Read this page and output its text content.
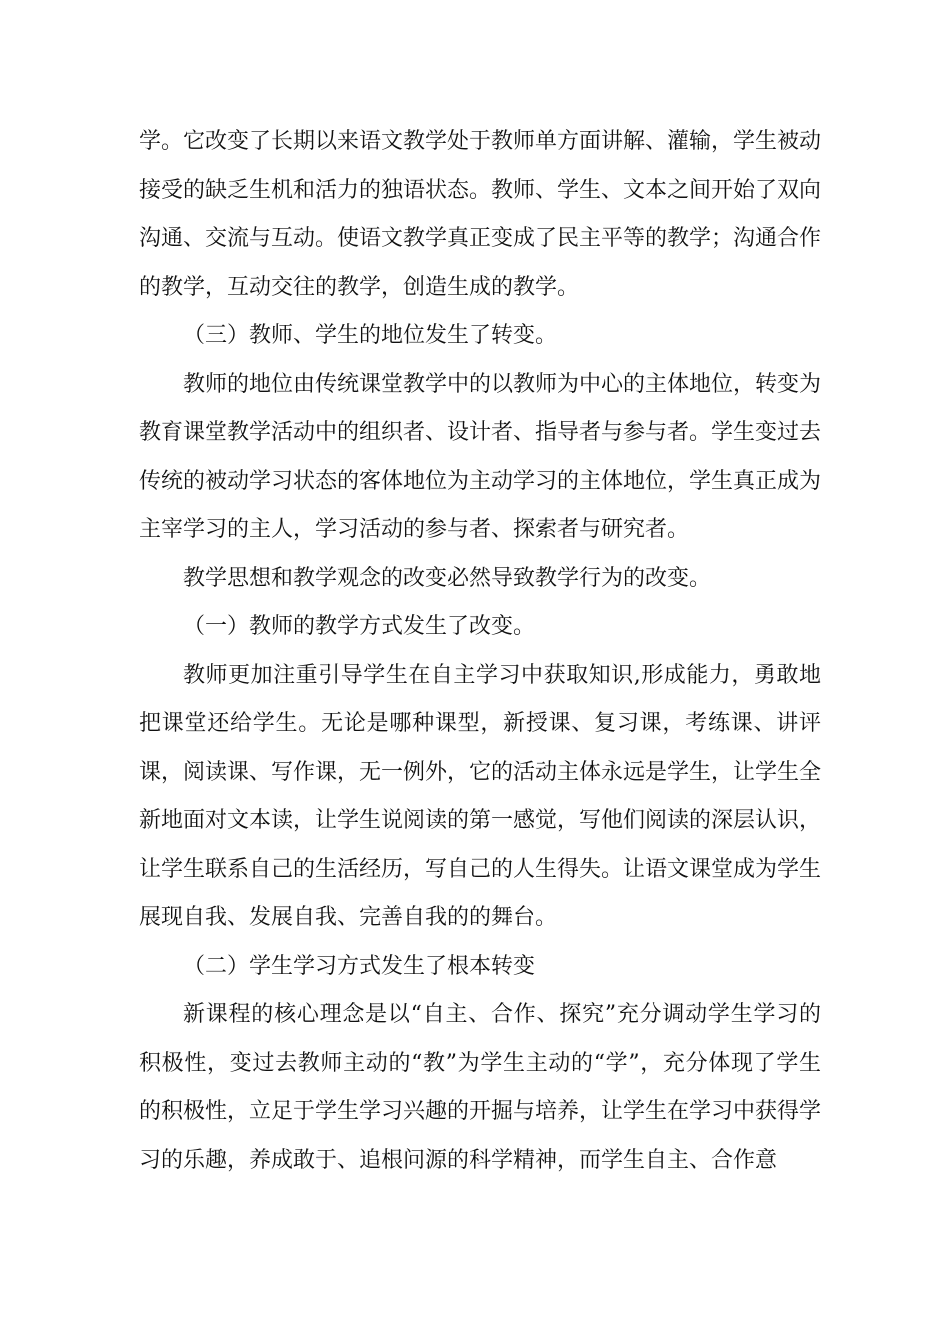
学。它改变了长期以来语文教学处于教师单方面讲解、灌输，学生被动接受的缺乏生机和活力的独语状态。教师、学生、文本之间开始了双向沟通、交流与互动。使语文教学真正变成了民主平等的教学；沟通合作的教学，互动交往的教学，创造生成的教学。

（三）教师、学生的地位发生了转变。

教师的地位由传统课堂教学中的以教师为中心的主体地位，转变为教育课堂教学活动中的组织者、设计者、指导者与参与者。学生变过去传统的被动学习状态的客体地位为主动学习的主体地位，学生真正成为主宰学习的主人，学习活动的参与者、探索者与研究者。

教学思想和教学观念的改变必然导致教学行为的改变。

（一）教师的教学方式发生了改变。

教师更加注重引导学生在自主学习中获取知识,形成能力，勇敢地把课堂还给学生。无论是哪种课型，新授课、复习课，考练课、讲评课，阅读课、写作课，无一例外，它的活动主体永远是学生，让学生全新地面对文本读，让学生说阅读的第一感觉，写他们阅读的深层认识，让学生联系自己的生活经历，写自己的人生得失。让语文课堂成为学生展现自我、发展自我、完善自我的的舞台。

（二）学生学习方式发生了根本转变

新课程的核心理念是以“自主、合作、探究”充分调动学生学习的积极性，变过去教师主动的“教”为学生主动的“学”，充分体现了学生的积极性，立足于学生学习兴趣的开掘与培养，让学生在学习中获得学习的乐趣，养成敢于、追根问源的科学精神，而学生自主、合作意
